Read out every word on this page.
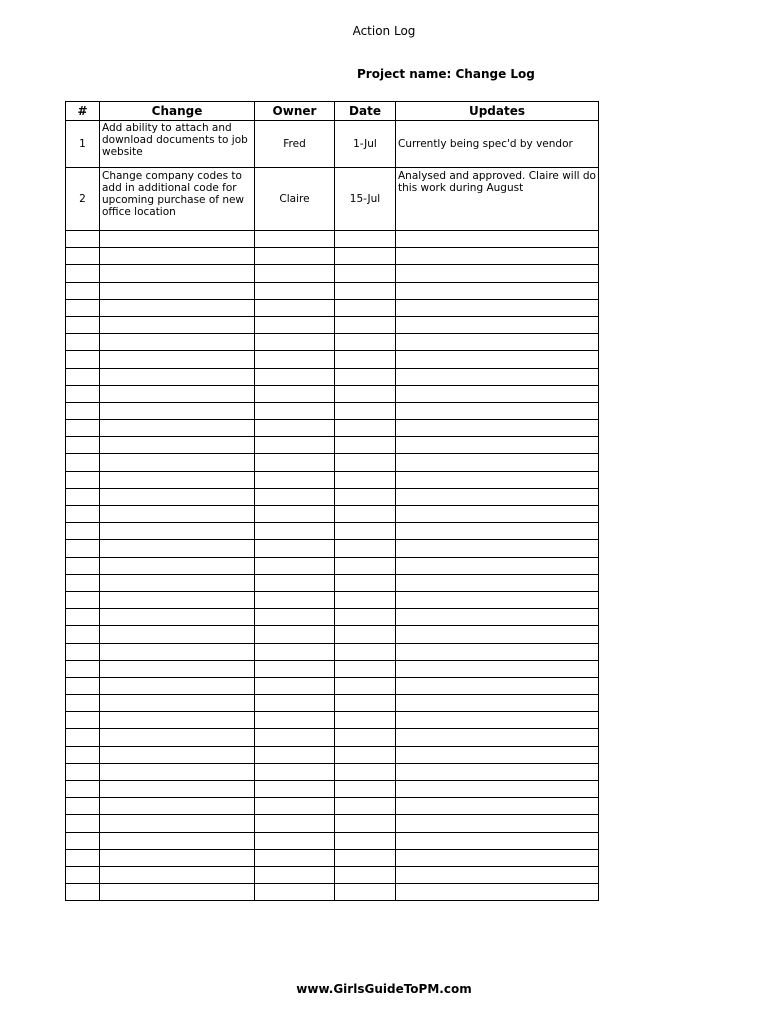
Action Log
Project name: Change Log
#	Change	Owner	Date	Updates
1	Add ability to attach and download documents to job website	Fred	1-Jul	Currently being spec'd by vendor
2	Change company codes to add in additional code for upcoming purchase of new office location	Claire	15-Jul	Analysed and approved. Claire will do this work during August

www.GirlsGuideToPM.com
